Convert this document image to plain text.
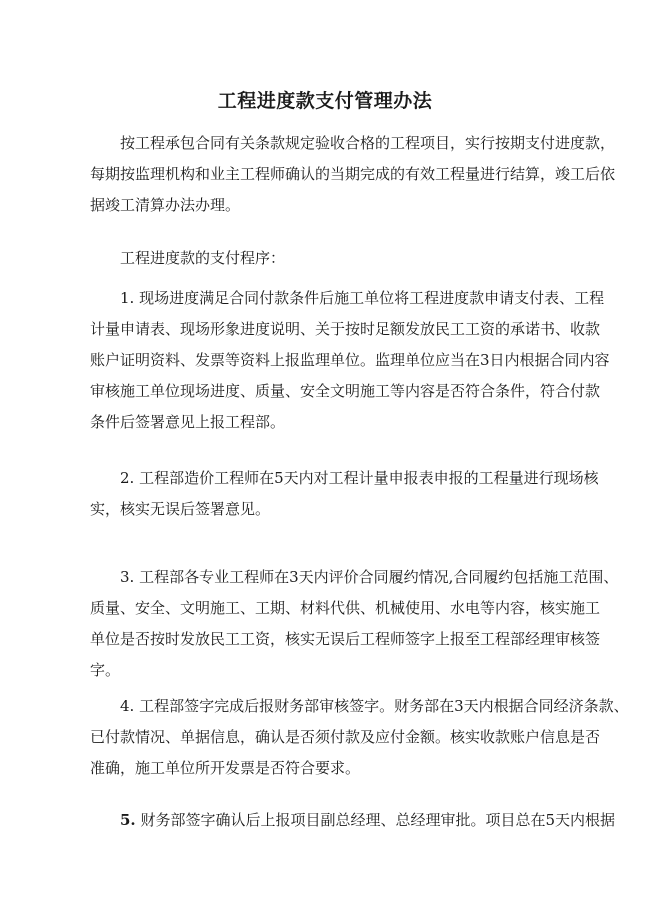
工程进度款支付管理办法

按工程承包合同有关条款规定验收合格的工程项目，实行按期支付进度款，
每期按监理机构和业主工程师确认的当期完成的有效工程量进行结算，竣工后依
据竣工清算办法办理。

工程进度款的支付程序：

1. 现场进度满足合同付款条件后施工单位将工程进度款申请支付表、工程
计量申请表、现场形象进度说明、关于按时足额发放民工工资的承诺书、收款
账户证明资料、发票等资料上报监理单位。监理单位应当在3日内根据合同内容
审核施工单位现场进度、质量、安全文明施工等内容是否符合条件，符合付款
条件后签署意见上报工程部。

2. 工程部造价工程师在5天内对工程计量申报表申报的工程量进行现场核
实，核实无误后签署意见。

3. 工程部各专业工程师在3天内评价合同履约情况,合同履约包括施工范围、
质量、安全、文明施工、工期、材料代供、机械使用、水电等内容，核实施工
单位是否按时发放民工工资，核实无误后工程师签字上报至工程部经理审核签
字。

4. 工程部签字完成后报财务部审核签字。财务部在3天内根据合同经济条款、
已付款情况、单据信息，确认是否须付款及应付金额。核实收款账户信息是否
准确，施工单位所开发票是否符合要求。

5. 财务部签字确认后上报项目副总经理、总经理审批。项目总在5天内根据
